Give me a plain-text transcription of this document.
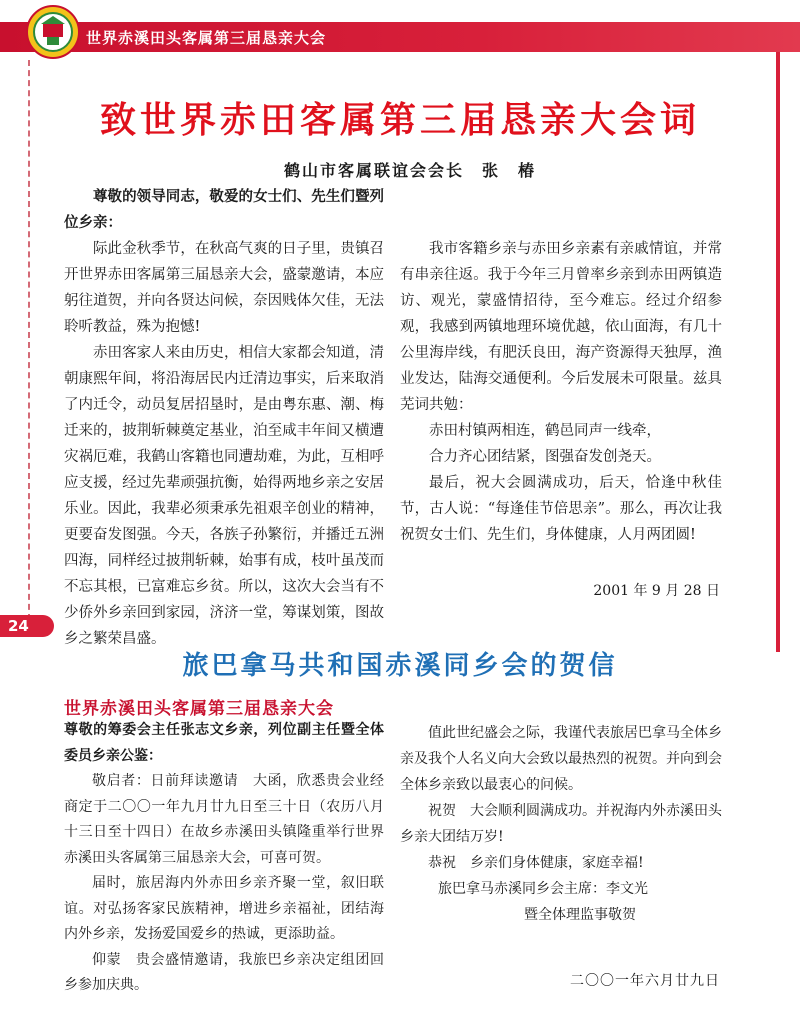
世界赤溪田头客属第三届恳亲大会
24
致世界赤田客属第三届恳亲大会词
鹤山市客属联谊会会长　张　椿

尊敬的领导同志，敬爱的女士们、先生们暨列位乡亲：

际此金秋季节，在秋高气爽的日子里，贵镇召开世界赤田客属第三届恳亲大会，盛蒙邀请，本应躬往道贺，并向各贤达问候，奈因贱体欠佳，无法聆听教益，殊为抱憾!

赤田客家人来由历史，相信大家都会知道，清朝康熙年间，将沿海居民内迁清边事实，后来取消了内迁令，动员复居招垦时，是由粤东惠、潮、梅迁来的，披荆斩棘奠定基业，泊至咸丰年间又横遭灾祸厄难，我鹤山客籍也同遭劫难，为此，互相呼应支援，经过先辈顽强抗衡，始得两地乡亲之安居乐业。因此，我辈必须秉承先祖艰辛创业的精神，更要奋发图强。今天，各族子孙繁衍，并播迁五洲四海，同样经过披荆斩棘，始事有成，枝叶虽茂而不忘其根，已富难忘乡贫。所以，这次大会当有不少侨外乡亲回到家园，济济一堂，筹谋划策，图故乡之繁荣昌盛。

我市客籍乡亲与赤田乡亲素有亲戚情谊，并常有串亲往返。我于今年三月曾率乡亲到赤田两镇造访、观光，蒙盛情招待，至今难忘。经过介绍参观，我感到两镇地理环境优越，依山面海，有几十公里海岸线，有肥沃良田，海产资源得天独厚，渔业发达，陆海交通便利。今后发展未可限量。兹具芜词共勉：

赤田村镇两相连，鹤邑同声一线牵，

合力齐心团结紧，图强奋发创尧天。

最后，祝大会圆满成功，后天，恰逢中秋佳节，古人说：“每逢佳节倍思亲”。那么，再次让我祝贺女士们、先生们，身体健康，人月两团圆!

2001 年 9 月 28 日
旅巴拿马共和国赤溪同乡会的贺信
世界赤溪田头客属第三届恳亲大会

尊敬的筹委会主任张志文乡亲，列位副主任暨全体委员乡亲公鉴：

敬启者：日前拜读邀请　大函，欣悉贵会业经商定于二〇〇一年九月廿九日至三十日（农历八月十三日至十四日）在故乡赤溪田头镇隆重举行世界赤溪田头客属第三届恳亲大会，可喜可贺。

届时，旅居海内外赤田乡亲齐聚一堂，叙旧联谊。对弘扬客家民族精神，增进乡亲福祉，团结海内外乡亲，发扬爱国爱乡的热诚，更添助益。

仰蒙　贵会盛情邀请，我旅巴乡亲决定组团回乡参加庆典。

值此世纪盛会之际，我谨代表旅居巴拿马全体乡亲及我个人名义向大会致以最热烈的祝贺。并向到会全体乡亲致以最衷心的问候。

祝贺　大会顺利圆满成功。并祝海内外赤溪田头乡亲大团结万岁!

恭祝　乡亲们身体健康，家庭幸福!

旅巴拿马赤溪同乡会主席：李文光

暨全体理监事敬贺

二〇〇一年六月廿九日
